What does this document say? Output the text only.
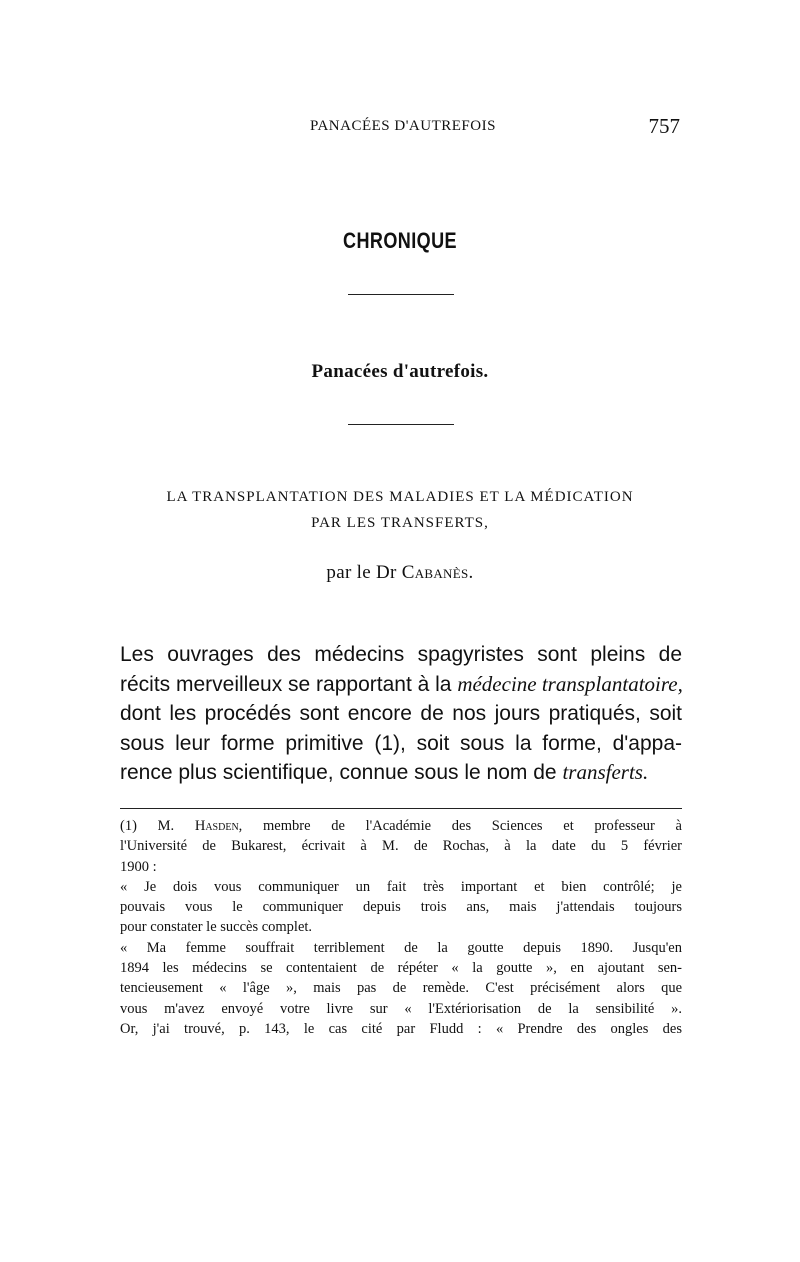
PANACÉES D'AUTREFOIS	757
CHRONIQUE
Panacées d'autrefois.
LA TRANSPLANTATION DES MALADIES ET LA MÉDICATION
PAR LES TRANSFERTS,
par le Dr Cabanès.
Les ouvrages des médecins spagyristes sont pleins de
récits merveilleux se rapportant à la médecine transplantatoire,
dont les procédés sont encore de nos jours pratiqués, soit
sous leur forme primitive (1), soit sous la forme, d'appa-
rence plus scientifique, connue sous le nom de transferts.
(1) M. Hasden, membre de l'Académie des Sciences et professeur à
l'Université de Bukarest, écrivait à M. de Rochas, à la date du 5 février
1900 :
« Je dois vous communiquer un fait très important et bien contrôlé; je
pouvais vous le communiquer depuis trois ans, mais j'attendais toujours
pour constater le succès complet.
« Ma femme souffrait terriblement de la goutte depuis 1890. Jusqu'en
1894 les médecins se contentaient de répéter « la goutte », en ajoutant sen-
tencieusement « l'âge », mais pas de remède. C'est précisément alors que
vous m'avez envoyé votre livre sur « l'Extériorisation de la sensibilité ».
Or, j'ai trouvé, p. 143, le cas cité par Fludd : « Prendre des ongles des
